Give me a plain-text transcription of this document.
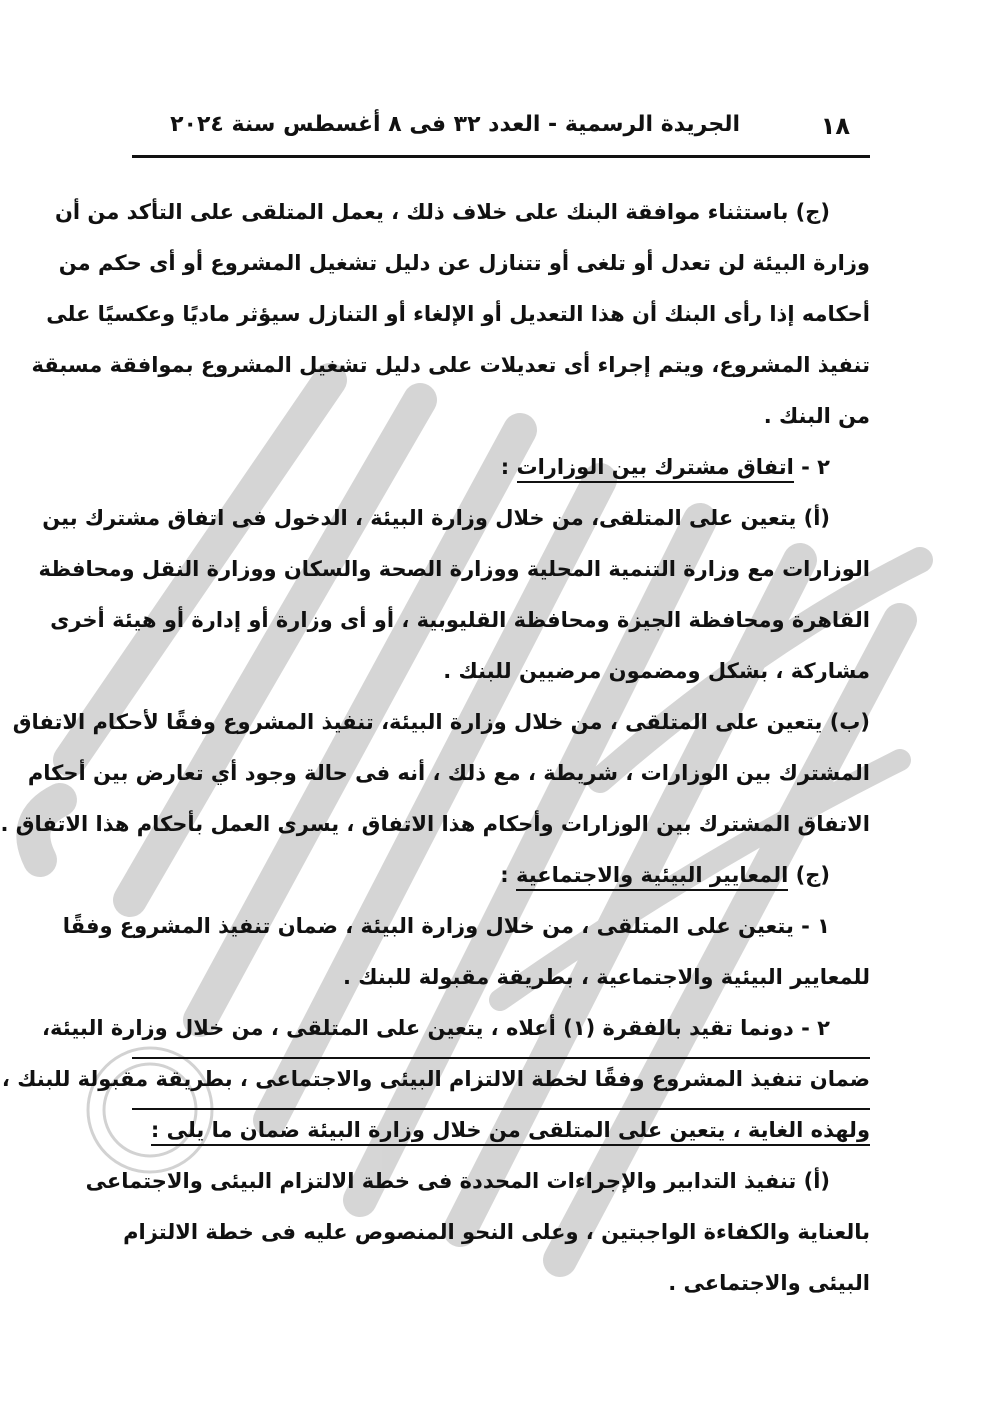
١٨
الجريدة الرسمية - العدد ٣٢ فى ٨ أغسطس سنة ٢٠٢٤
(ج) باستثناء موافقة البنك على خلاف ذلك ، يعمل المتلقى على التأكد من أن
وزارة البيئة لن تعدل أو تلغى أو تتنازل عن دليل تشغيل المشروع أو أى حكم من
أحكامه إذا رأى البنك أن هذا التعديل أو الإلغاء أو التنازل سيؤثر ماديًا وعكسيًا على
تنفيذ المشروع، ويتم إجراء أى تعديلات على دليل تشغيل المشروع بموافقة مسبقة
من البنك .
٢ - اتفاق مشترك بين الوزارات :
(أ) يتعين على المتلقى، من خلال وزارة البيئة ، الدخول فى اتفاق مشترك بين
الوزارات مع وزارة التنمية المحلية ووزارة الصحة والسكان ووزارة النقل ومحافظة
القاهرة ومحافظة الجيزة ومحافظة القليوبية ، أو أى وزارة أو إدارة أو هيئة أخرى
مشاركة ، بشكل ومضمون مرضيين للبنك .
(ب) يتعين على المتلقى ، من خلال وزارة البيئة، تنفيذ المشروع وفقًا لأحكام الاتفاق
المشترك بين الوزارات ، شريطة ، مع ذلك ، أنه فى حالة وجود أي تعارض بين أحكام
الاتفاق المشترك بين الوزارات وأحكام هذا الاتفاق ، يسرى العمل بأحكام هذا الاتفاق .
(ج) المعايير البيئية والاجتماعية :
١ - يتعين على المتلقى ، من خلال وزارة البيئة ، ضمان تنفيذ المشروع وفقًا
للمعايير البيئية والاجتماعية ، بطريقة مقبولة للبنك .
٢ - دونما تقيد بالفقرة (١) أعلاه ، يتعين على المتلقى ، من خلال وزارة البيئة،
ضمان تنفيذ المشروع وفقًا لخطة الالتزام البيئى والاجتماعى ، بطريقة مقبولة للبنك ،
ولهذه الغاية ، يتعين على المتلقى من خلال وزارة البيئة ضمان ما يلى :
(أ) تنفيذ التدابير والإجراءات المحددة فى خطة الالتزام البيئى والاجتماعى
بالعناية والكفاءة الواجبتين ، وعلى النحو المنصوص عليه فى خطة الالتزام
البيئى والاجتماعى .
